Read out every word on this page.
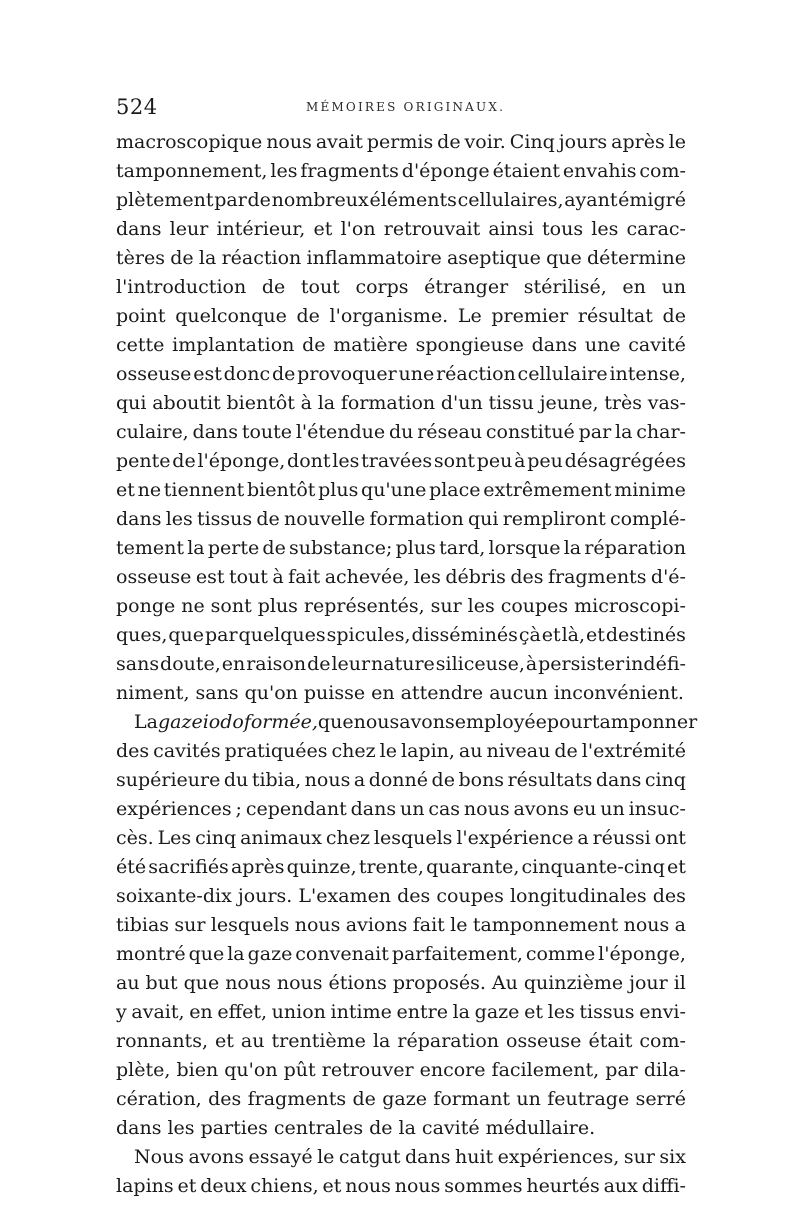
524	MÉMOIRES ORIGINAUX.
macroscopique nous avait permis de voir. Cinq jours après le
tamponnement, les fragments d'éponge étaient envahis com-
plètement par de nombreux éléments cellulaires, ayant émigré
dans leur intérieur, et l'on retrouvait ainsi tous les carac-
tères de la réaction inflammatoire aseptique que détermine
l'introduction de tout corps étranger stérilisé, en un
point quelconque de l'organisme. Le premier résultat de
cette implantation de matière spongieuse dans une cavité
osseuse est donc de provoquer une réaction cellulaire intense,
qui aboutit bientôt à la formation d'un tissu jeune, très vas-
culaire, dans toute l'étendue du réseau constitué par la char-
pente de l'éponge, dont les travées sont peu à peu désagrégées
et ne tiennent bientôt plus qu'une place extrêmement minime
dans les tissus de nouvelle formation qui rempliront complé-
tement la perte de substance; plus tard, lorsque la réparation
osseuse est tout à fait achevée, les débris des fragments d'é-
ponge ne sont plus représentés, sur les coupes microscopi-
ques, que par quelques spicules, disséminés çà et là, et destinés
sans doute, en raison de leur nature siliceuse, à persister indéfi-
niment, sans qu'on puisse en attendre aucun inconvénient.
La gaze iodoformée, que nous avons employée pour tamponner
des cavités pratiquées chez le lapin, au niveau de l'extrémité
supérieure du tibia, nous a donné de bons résultats dans cinq
expériences ; cependant dans un cas nous avons eu un insuc-
cès. Les cinq animaux chez lesquels l'expérience a réussi ont
été sacrifiés après quinze, trente, quarante, cinquante-cinq et
soixante-dix jours. L'examen des coupes longitudinales des
tibias sur lesquels nous avions fait le tamponnement nous a
montré que la gaze convenait parfaitement, comme l'éponge,
au but que nous nous étions proposés. Au quinzième jour il
y avait, en effet, union intime entre la gaze et les tissus envi-
ronnants, et au trentième la réparation osseuse était com-
plète, bien qu'on pût retrouver encore facilement, par dila-
cération, des fragments de gaze formant un feutrage serré
dans les parties centrales de la cavité médullaire.
Nous avons essayé le catgut dans huit expériences, sur six
lapins et deux chiens, et nous nous sommes heurtés aux diffi-
